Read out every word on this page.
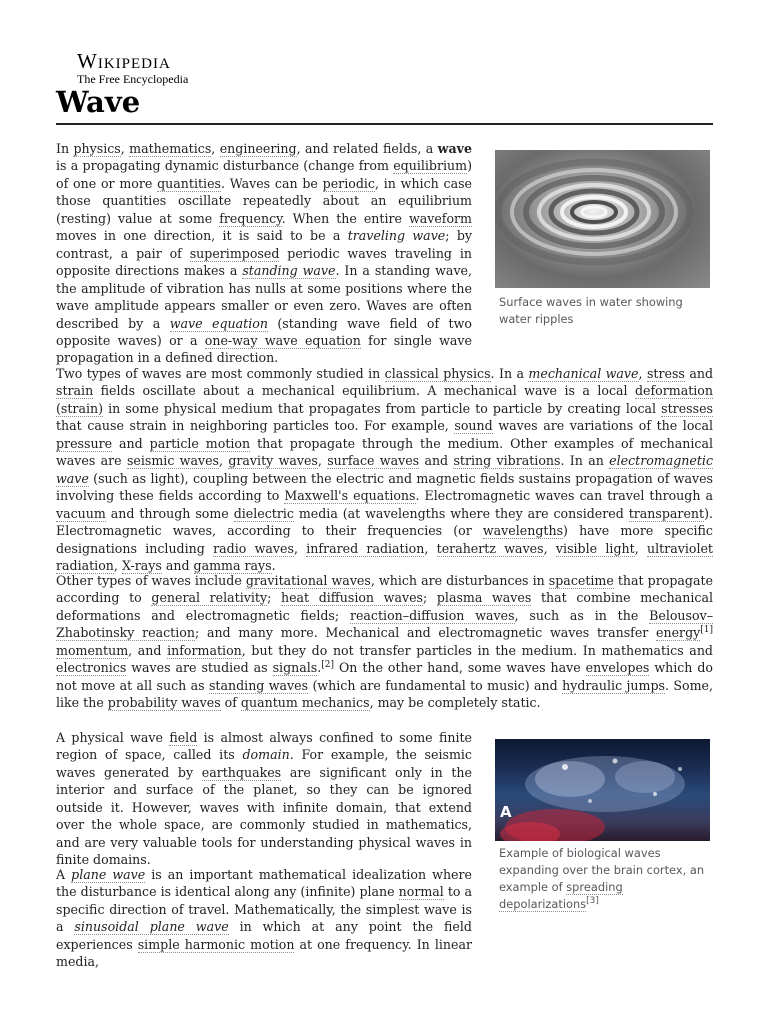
Wikipedia
The Free Encyclopedia
Wave

In physics, mathematics, engineering, and related fields, a wave is a propagating dynamic disturbance (change from equilibrium) of one or more quantities. Waves can be periodic, in which case those quantities oscillate repeatedly about an equilibrium (resting) value at some frequency. When the entire waveform moves in one direction, it is said to be a traveling wave; by contrast, a pair of superimposed periodic waves traveling in opposite directions makes a standing wave. In a standing wave, the amplitude of vibration has nulls at some positions where the wave amplitude appears smaller or even zero. Waves are often described by a wave equation (standing wave field of two opposite waves) or a one-way wave equation for single wave propagation in a defined direction.

Surface waves in water showing water ripples

Two types of waves are most commonly studied in classical physics. In a mechanical wave, stress and strain fields oscillate about a mechanical equilibrium. A mechanical wave is a local deformation (strain) in some physical medium that propagates from particle to particle by creating local stresses that cause strain in neighboring particles too. For example, sound waves are variations of the local pressure and particle motion that propagate through the medium. Other examples of mechanical waves are seismic waves, gravity waves, surface waves and string vibrations. In an electromagnetic wave (such as light), coupling between the electric and magnetic fields sustains propagation of waves involving these fields according to Maxwell's equations. Electromagnetic waves can travel through a vacuum and through some dielectric media (at wavelengths where they are considered transparent). Electromagnetic waves, according to their frequencies (or wavelengths) have more specific designations including radio waves, infrared radiation, terahertz waves, visible light, ultraviolet radiation, X-rays and gamma rays.

Other types of waves include gravitational waves, which are disturbances in spacetime that propagate according to general relativity; heat diffusion waves; plasma waves that combine mechanical deformations and electromagnetic fields; reaction–diffusion waves, such as in the Belousov–Zhabotinsky reaction; and many more. Mechanical and electromagnetic waves transfer energy[1] momentum, and information, but they do not transfer particles in the medium. In mathematics and electronics waves are studied as signals.[2] On the other hand, some waves have envelopes which do not move at all such as standing waves (which are fundamental to music) and hydraulic jumps. Some, like the probability waves of quantum mechanics, may be completely static.

A physical wave field is almost always confined to some finite region of space, called its domain. For example, the seismic waves generated by earthquakes are significant only in the interior and surface of the planet, so they can be ignored outside it. However, waves with infinite domain, that extend over the whole space, are commonly studied in mathematics, and are very valuable tools for understanding physical waves in finite domains.

A
Example of biological waves expanding over the brain cortex, an example of spreading depolarizations[3]

A plane wave is an important mathematical idealization where the disturbance is identical along any (infinite) plane normal to a specific direction of travel. Mathematically, the simplest wave is a sinusoidal plane wave in which at any point the field experiences simple harmonic motion at one frequency. In linear media,
